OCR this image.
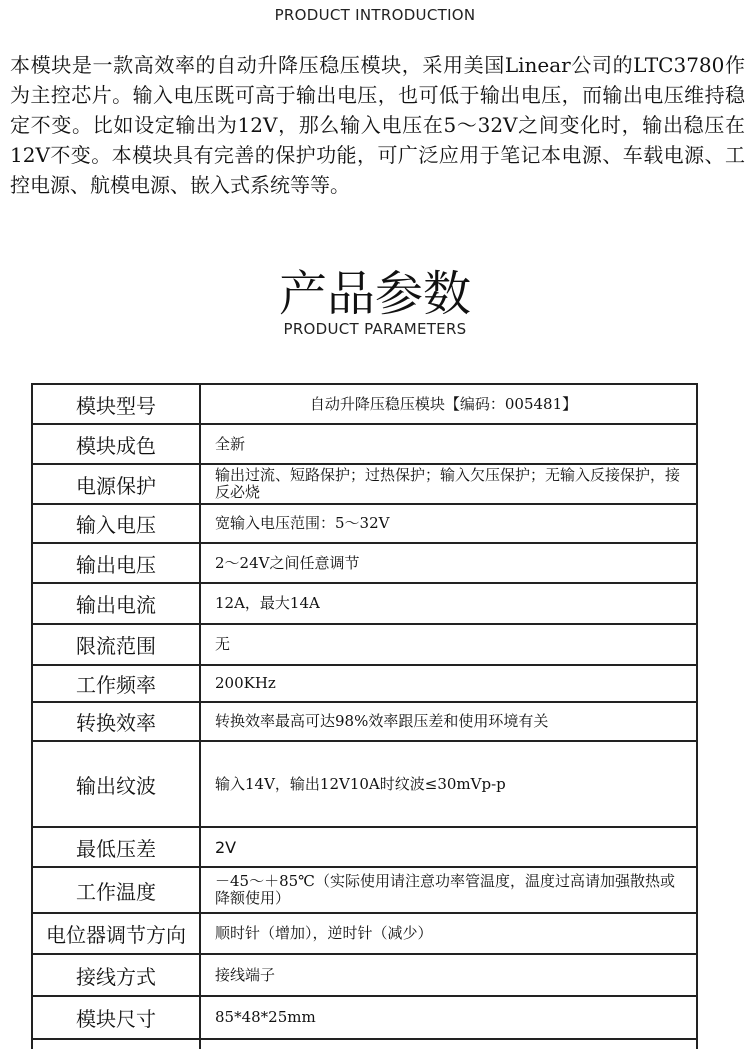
PRODUCT INTRODUCTION

本模块是一款高效率的自动升降压稳压模块，采用美国Linear公司的LTC3780作为主控芯片。输入电压既可高于输出电压，也可低于输出电压，而输出电压维持稳定不变。比如设定输出为12V，那么输入电压在5～32V之间变化时，输出稳压在12V不变。本模块具有完善的保护功能，可广泛应用于笔记本电源、车载电源、工控电源、航模电源、嵌入式系统等等。

产品参数
PRODUCT PARAMETERS
模块型号	自动升降压稳压模块【编码：005481】
模块成色	全新
电源保护	输出过流、短路保护；过热保护；输入欠压保护；无输入反接保护，接反必烧
输入电压	宽输入电压范围：5～32V
输出电压	2～24V之间任意调节
输出电流	12A，最大14A
限流范围	无
工作频率	200KHz
转换效率	转换效率最高可达98%效率跟压差和使用环境有关
输出纹波	输入14V，输出12V10A时纹波≤30mVp-p
最低压差	2V
工作温度	－45～＋85℃（实际使用请注意功率管温度，温度过高请加强散热或降额使用）
电位器调节方向	顺时针（增加），逆时针（减少）
接线方式	接线端子
模块尺寸	85*48*25mm
